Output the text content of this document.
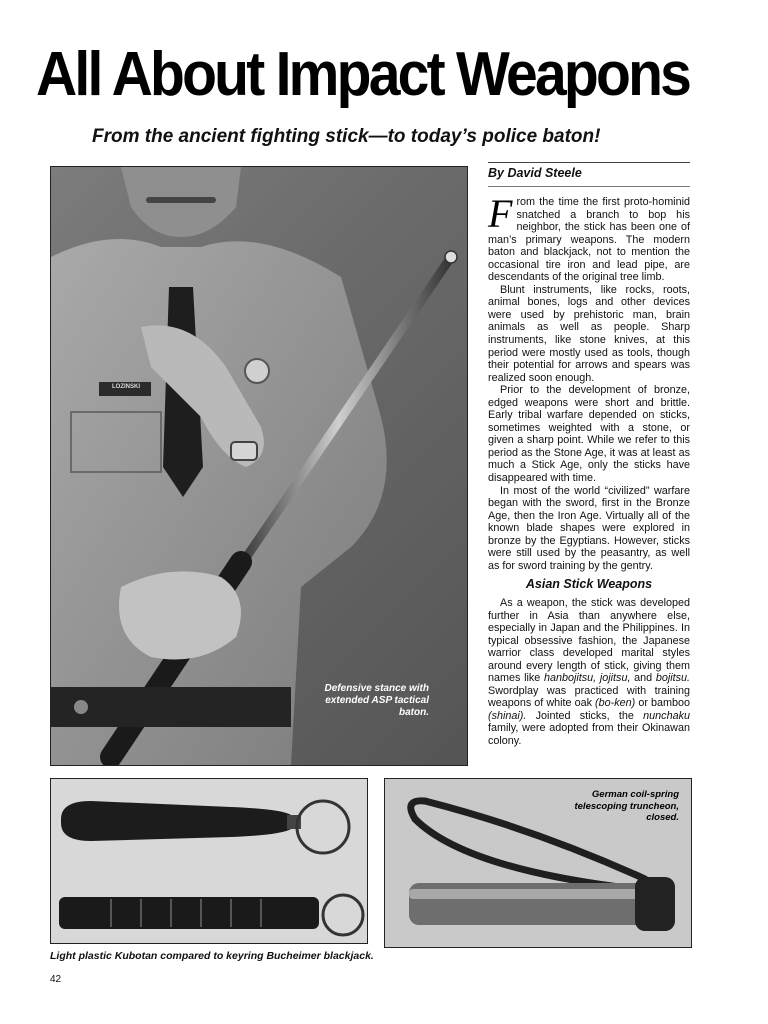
All About Impact Weapons

From the ancient fighting stick—to today’s police baton!

By David Steele
Defensive stance with extended ASP tactical baton.
German coil-spring telescoping truncheon, closed.
Light plastic Kubotan compared to keyring Bucheimer blackjack.
42

From the time the first proto-hominid snatched a branch to bop his neighbor, the stick has been one of man’s primary weapons. The modern baton and blackjack, not to mention the occasional tire iron and lead pipe, are descendants of the original tree limb.

Blunt instruments, like rocks, roots, animal bones, logs and other devices were used by prehistoric man, brain animals as well as people. Sharp instruments, like stone knives, at this period were mostly used as tools, though their potential for arrows and spears was realized soon enough.

Prior to the development of bronze, edged weapons were short and brittle. Early tribal warfare depended on sticks, sometimes weighted with a stone, or given a sharp point. While we refer to this period as the Stone Age, it was at least as much a Stick Age, only the sticks have disappeared with time.

In most of the world “civilized” warfare began with the sword, first in the Bronze Age, then the Iron Age. Virtually all of the known blade shapes were explored in bronze by the Egyptians. However, sticks were still used by the peasantry, as well as for sword training by the gentry.

Asian Stick Weapons

As a weapon, the stick was developed further in Asia than anywhere else, especially in Japan and the Philippines. In typical obsessive fashion, the Japanese warrior class developed marital styles around every length of stick, giving them names like hanbojitsu, jojitsu, and bojitsu. Swordplay was practiced with training weapons of white oak (bo-ken) or bamboo (shinai). Jointed sticks, the nunchaku family, were adopted from their Okinawan colony.

LOZINSKI
